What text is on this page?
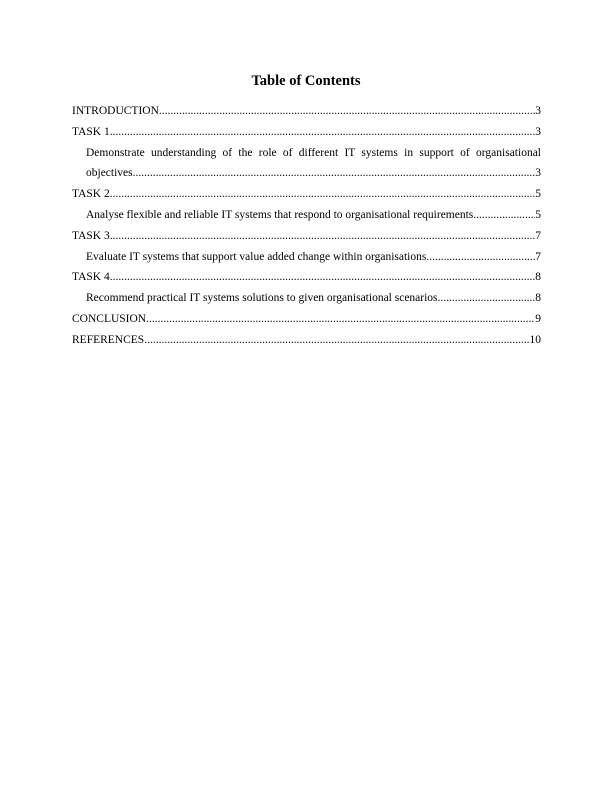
Table of Contents
INTRODUCTION .....	3
TASK 1 .....	3
Demonstrate understanding of the role of different IT systems in support of organisational
objectives .....	3
TASK 2 .....	5
Analyse flexible and reliable IT systems that respond to organisational requirements .....	5
TASK 3 .....	7
Evaluate IT systems that support value added change within organisations .....	7
TASK 4 .....	8
Recommend practical IT systems solutions to given organisational scenarios .....	8
CONCLUSION .....	9
REFERENCES .....	10
